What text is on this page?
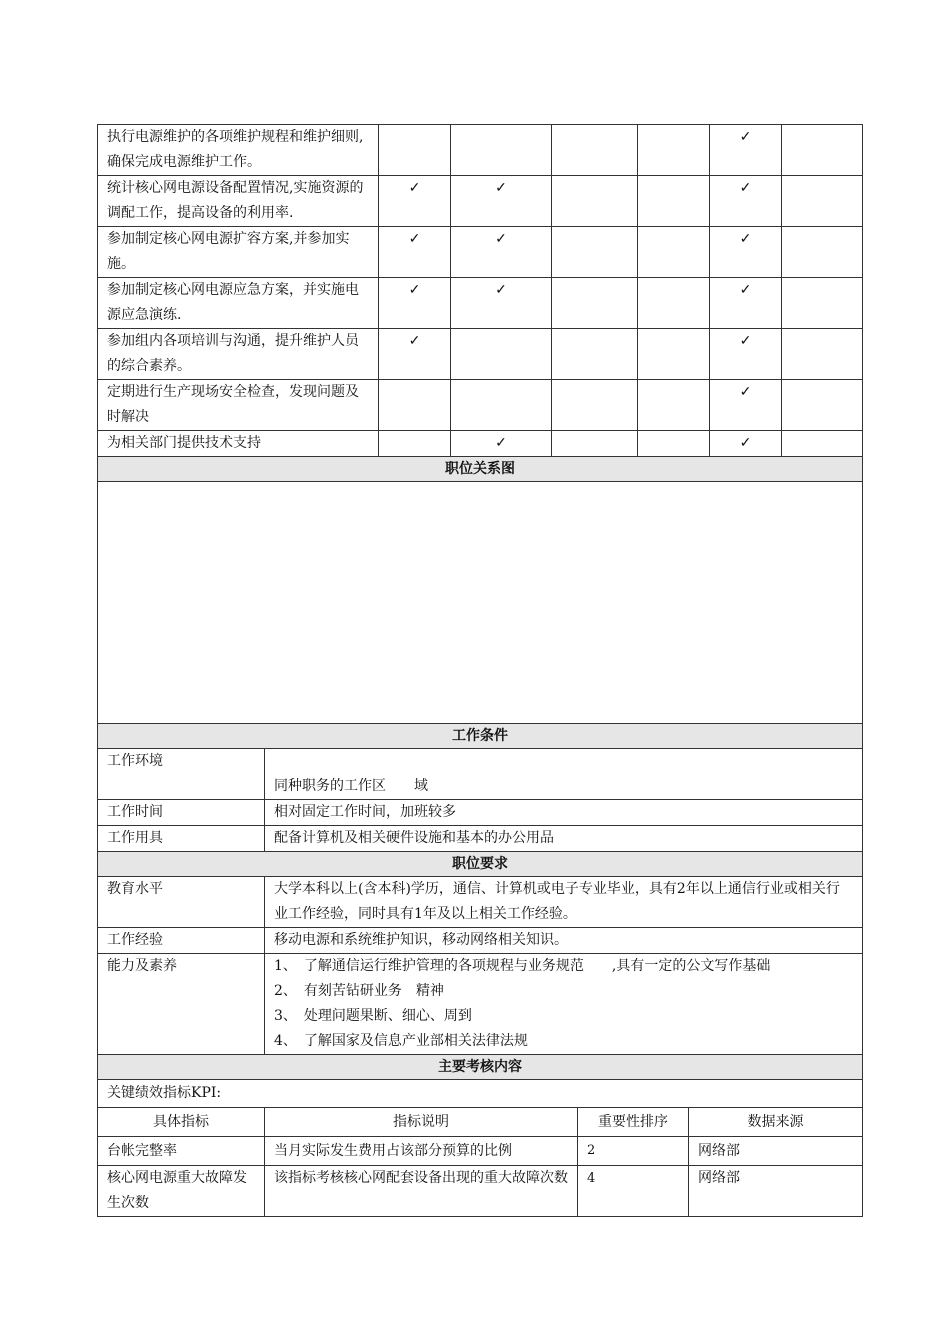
执行电源维护的各项维护规程和维护细则,确保完成电源维护工作。					✓	
统计核心网电源设备配置情况,实施资源的调配工作，提高设备的利用率.	✓	✓			✓	
参加制定核心网电源扩容方案,并参加实施。	✓	✓			✓	
参加制定核心网电源应急方案，并实施电源应急演练.	✓	✓			✓	
参加组内各项培训与沟通，提升维护人员的综合素养。	✓				✓	
定期进行生产现场安全检查，发现问题及时解决					✓	
为相关部门提供技术支持		✓			✓	
职位关系图						

工作条件						
工作环境	同种职务的工作区　　域

工作时间	相对固定工作时间，加班较多
工作用具	配备计算机及相关硬件设施和基本的办公用品
职位要求	
教育水平	大学本科以上(含本科)学历，通信、计算机或电子专业毕业，具有2年以上通信行业或相关行业工作经验，同时具有1年及以上相关工作经验。
工作经验	移动电源和系统维护知识，移动网络相关知识。
能力及素养	1、　了解通信运行维护管理的各项规程与业务规范　　,具有一定的公文写作基础
2、　有刻苦钻研业务　精神
3、　处理问题果断、细心、周到
4、　了解国家及信息产业部相关法律法规

主要考核内容	
关键绩效指标KPI:	
具体指标	指标说明	重要性排序	数据来源
台帐完整率	当月实际发生费用占该部分预算的比例	2	网络部
核心网电源重大故障发生次数	该指标考核核心网配套设备出现的重大故障次数	4	网络部
